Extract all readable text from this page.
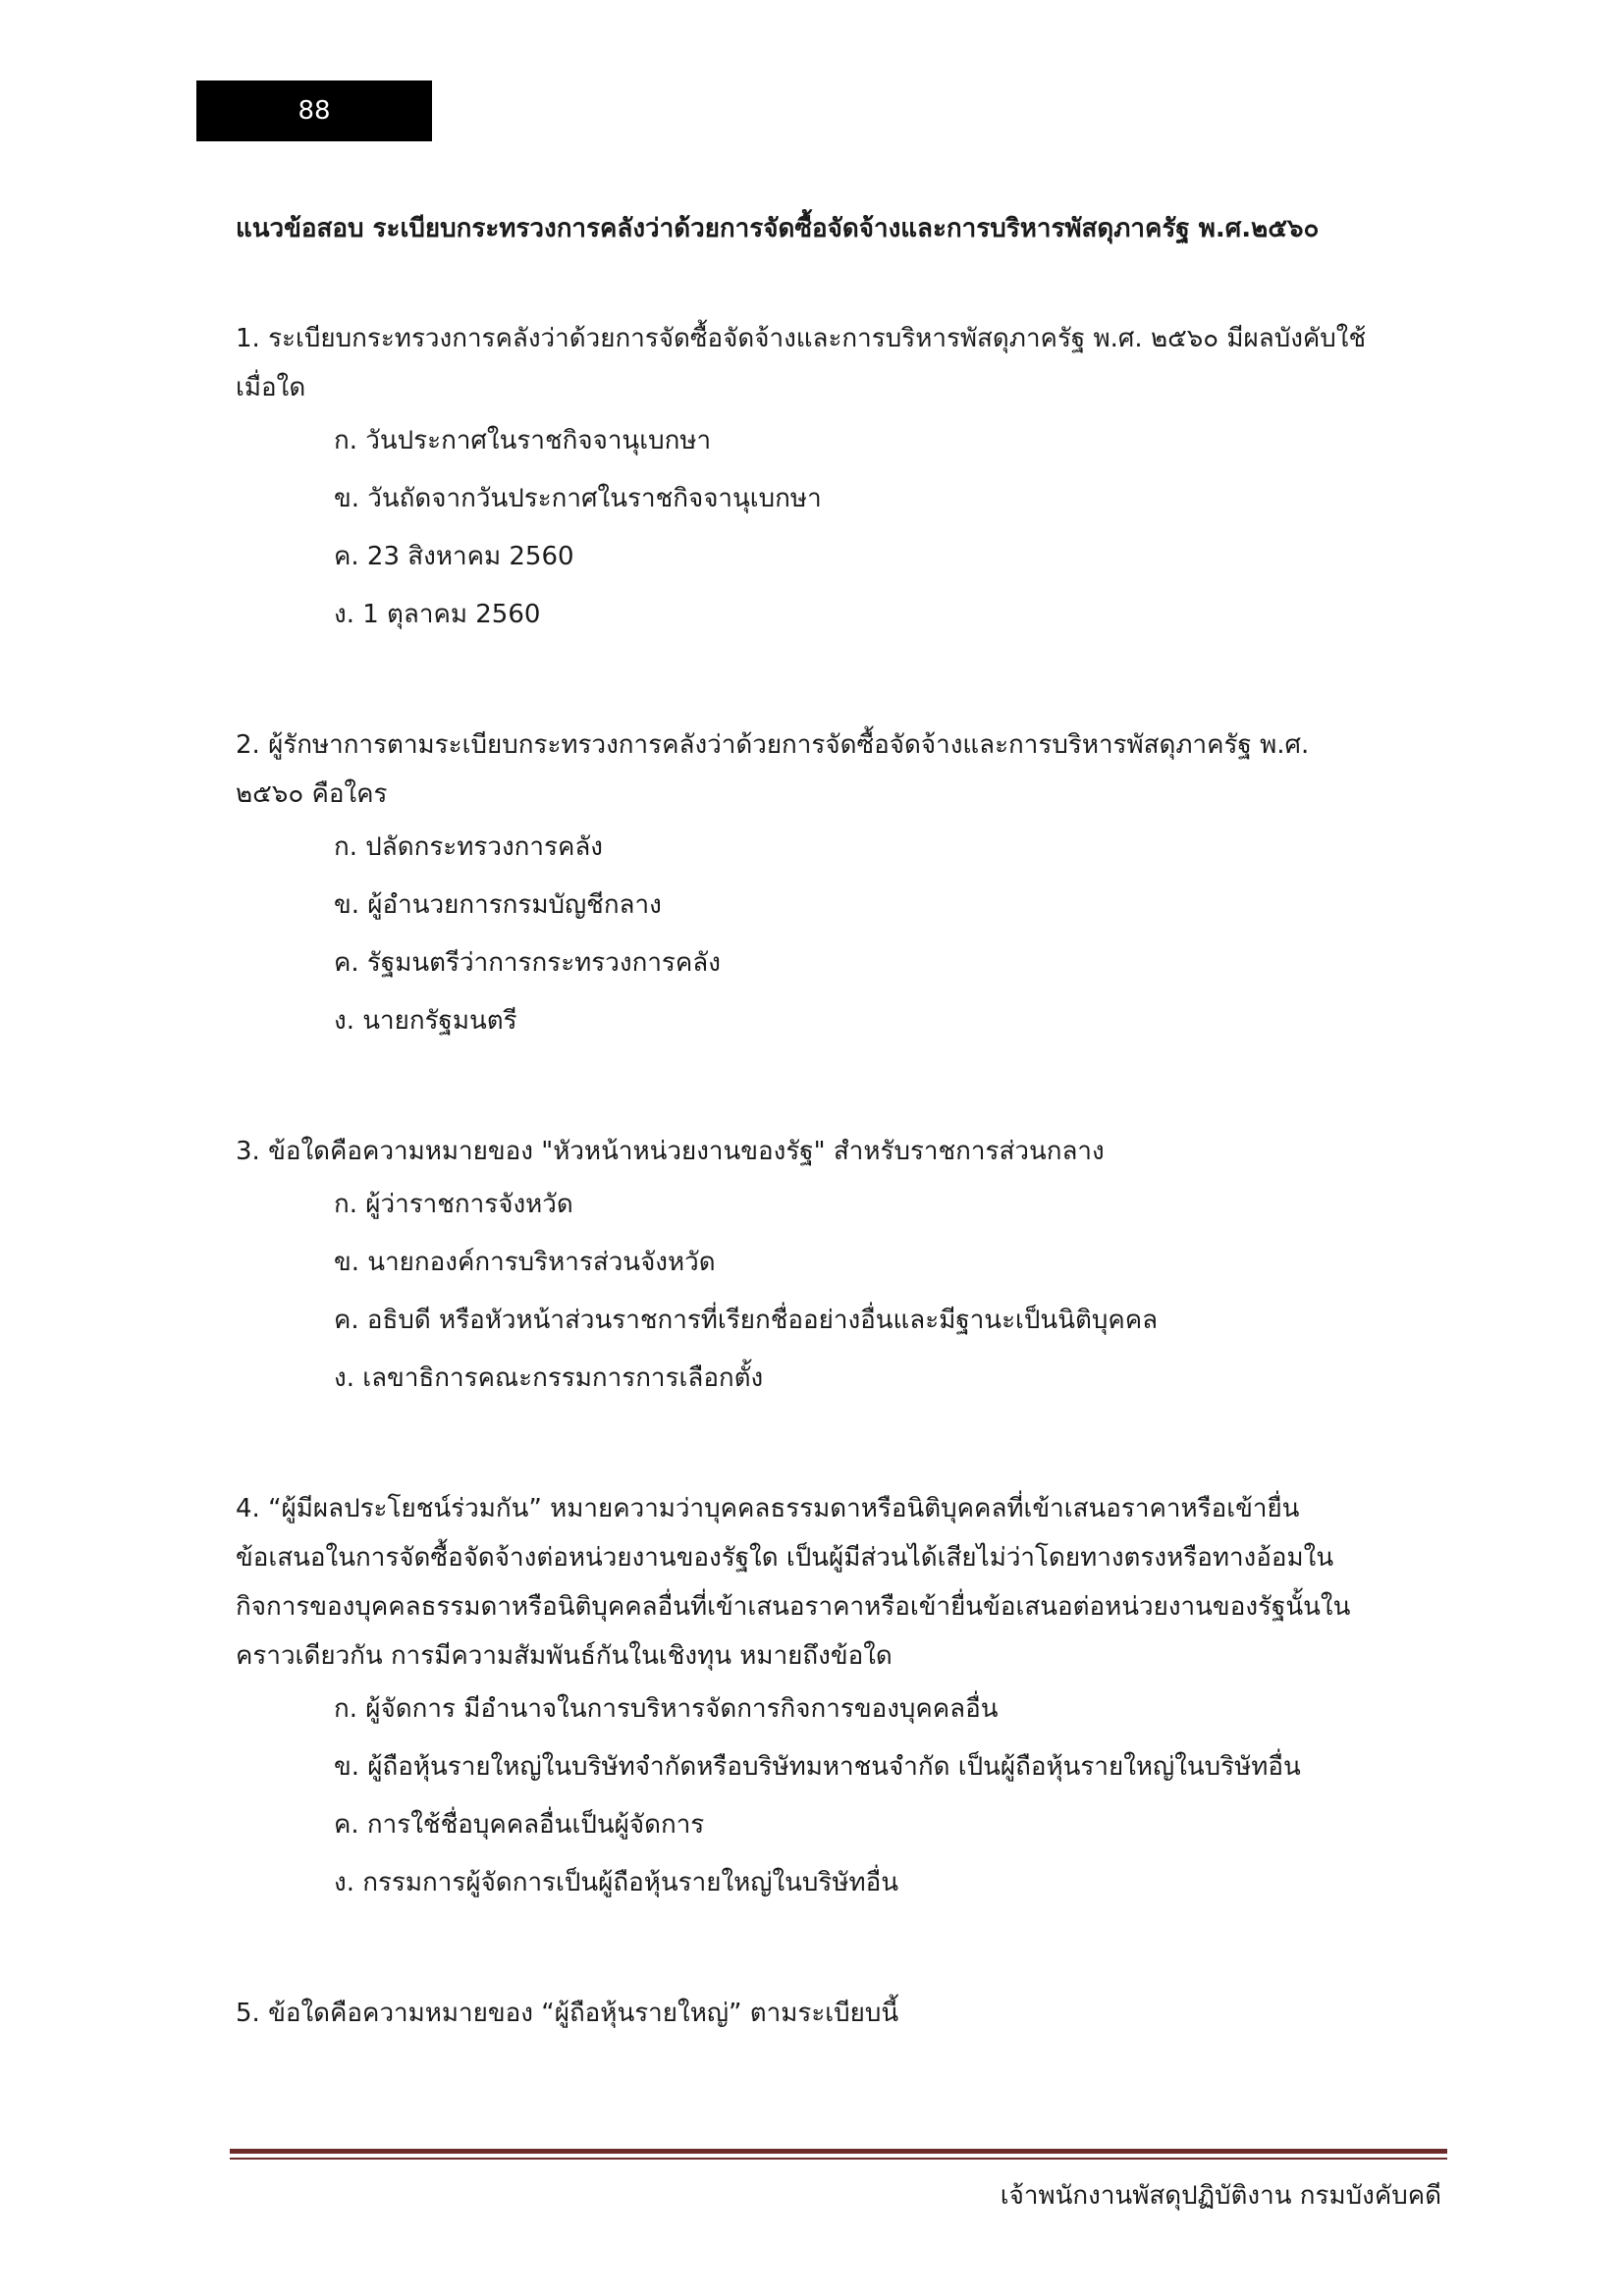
88
แนวข้อสอบ ระเบียบกระทรวงการคลังว่าด้วยการจัดซื้อจัดจ้างและการบริหารพัสดุภาครัฐ พ.ศ.๒๕๖๐

1. ระเบียบกระทรวงการคลังว่าด้วยการจัดซื้อจัดจ้างและการบริหารพัสดุภาครัฐ พ.ศ. ๒๕๖๐ มีผลบังคับใช้

เมื่อใด

ก. วันประกาศในราชกิจจานุเบกษา
ข. วันถัดจากวันประกาศในราชกิจจานุเบกษา
ค. 23 สิงหาคม 2560
ง. 1 ตุลาคม 2560

2. ผู้รักษาการตามระเบียบกระทรวงการคลังว่าด้วยการจัดซื้อจัดจ้างและการบริหารพัสดุภาครัฐ พ.ศ.

๒๕๖๐ คือใคร

ก. ปลัดกระทรวงการคลัง
ข. ผู้อำนวยการกรมบัญชีกลาง
ค. รัฐมนตรีว่าการกระทรวงการคลัง
ง. นายกรัฐมนตรี

3. ข้อใดคือความหมายของ "หัวหน้าหน่วยงานของรัฐ" สำหรับราชการส่วนกลาง

ก. ผู้ว่าราชการจังหวัด
ข. นายกองค์การบริหารส่วนจังหวัด
ค. อธิบดี หรือหัวหน้าส่วนราชการที่เรียกชื่ออย่างอื่นและมีฐานะเป็นนิติบุคคล
ง. เลขาธิการคณะกรรมการการเลือกตั้ง

4. “ผู้มีผลประโยชน์ร่วมกัน” หมายความว่าบุคคลธรรมดาหรือนิติบุคคลที่เข้าเสนอราคาหรือเข้ายื่น

ข้อเสนอในการจัดซื้อจัดจ้างต่อหน่วยงานของรัฐใด เป็นผู้มีส่วนได้เสียไม่ว่าโดยทางตรงหรือทางอ้อมใน

กิจการของบุคคลธรรมดาหรือนิติบุคคลอื่นที่เข้าเสนอราคาหรือเข้ายื่นข้อเสนอต่อหน่วยงานของรัฐนั้นใน

คราวเดียวกัน การมีความสัมพันธ์กันในเชิงทุน หมายถึงข้อใด

ก. ผู้จัดการ มีอำนาจในการบริหารจัดการกิจการของบุคคลอื่น
ข. ผู้ถือหุ้นรายใหญ่ในบริษัทจำกัดหรือบริษัทมหาชนจำกัด เป็นผู้ถือหุ้นรายใหญ่ในบริษัทอื่น
ค. การใช้ชื่อบุคคลอื่นเป็นผู้จัดการ
ง. กรรมการผู้จัดการเป็นผู้ถือหุ้นรายใหญ่ในบริษัทอื่น

5. ข้อใดคือความหมายของ “ผู้ถือหุ้นรายใหญ่” ตามระเบียบนี้

เจ้าพนักงานพัสดุปฏิบัติงาน กรมบังคับคดี
